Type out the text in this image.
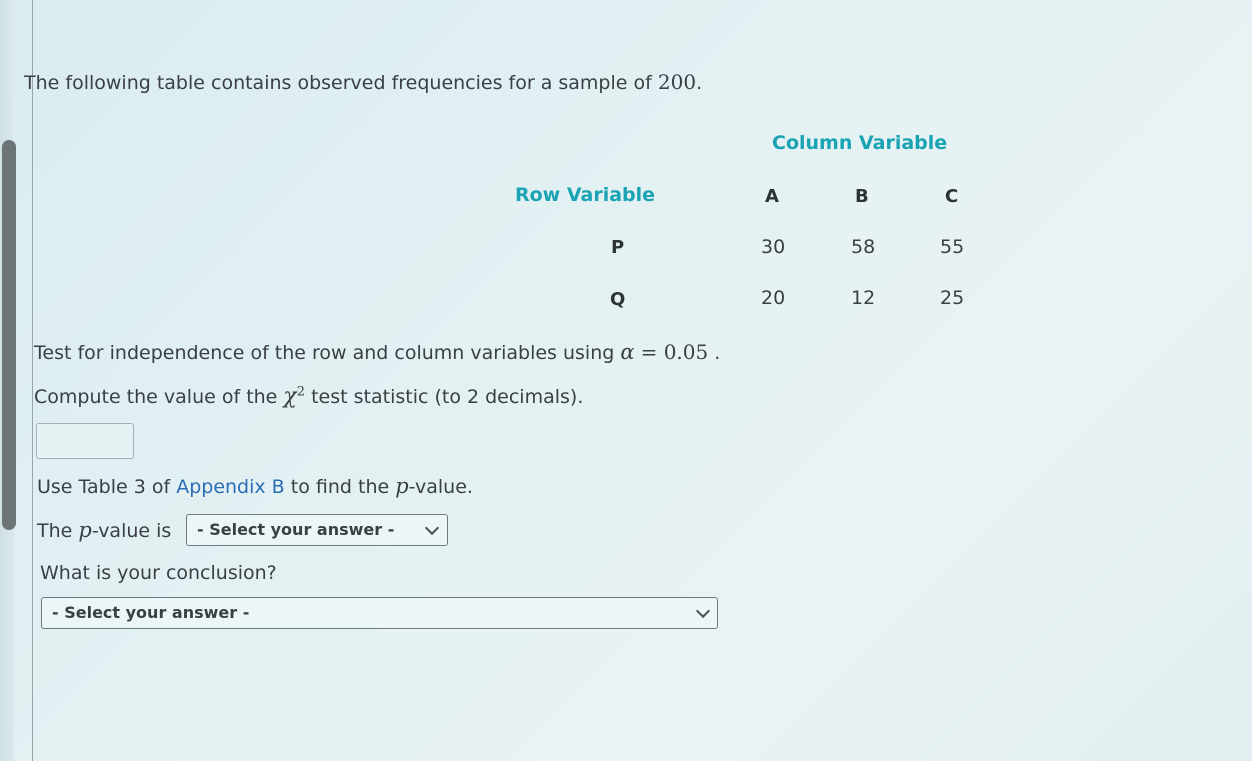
The following table contains observed frequencies for a sample of 200.
Column Variable
Row Variable	A	B	C
P	30	58	55
Q	20	12	25
Test for independence of the row and column variables using α = 0.05 .
Compute the value of the $\chi^2$ test statistic (to 2 decimals).
Use Table 3 of Appendix B to find the p-value.
The p-value is - Select your answer -
What is your conclusion?
- Select your answer -
